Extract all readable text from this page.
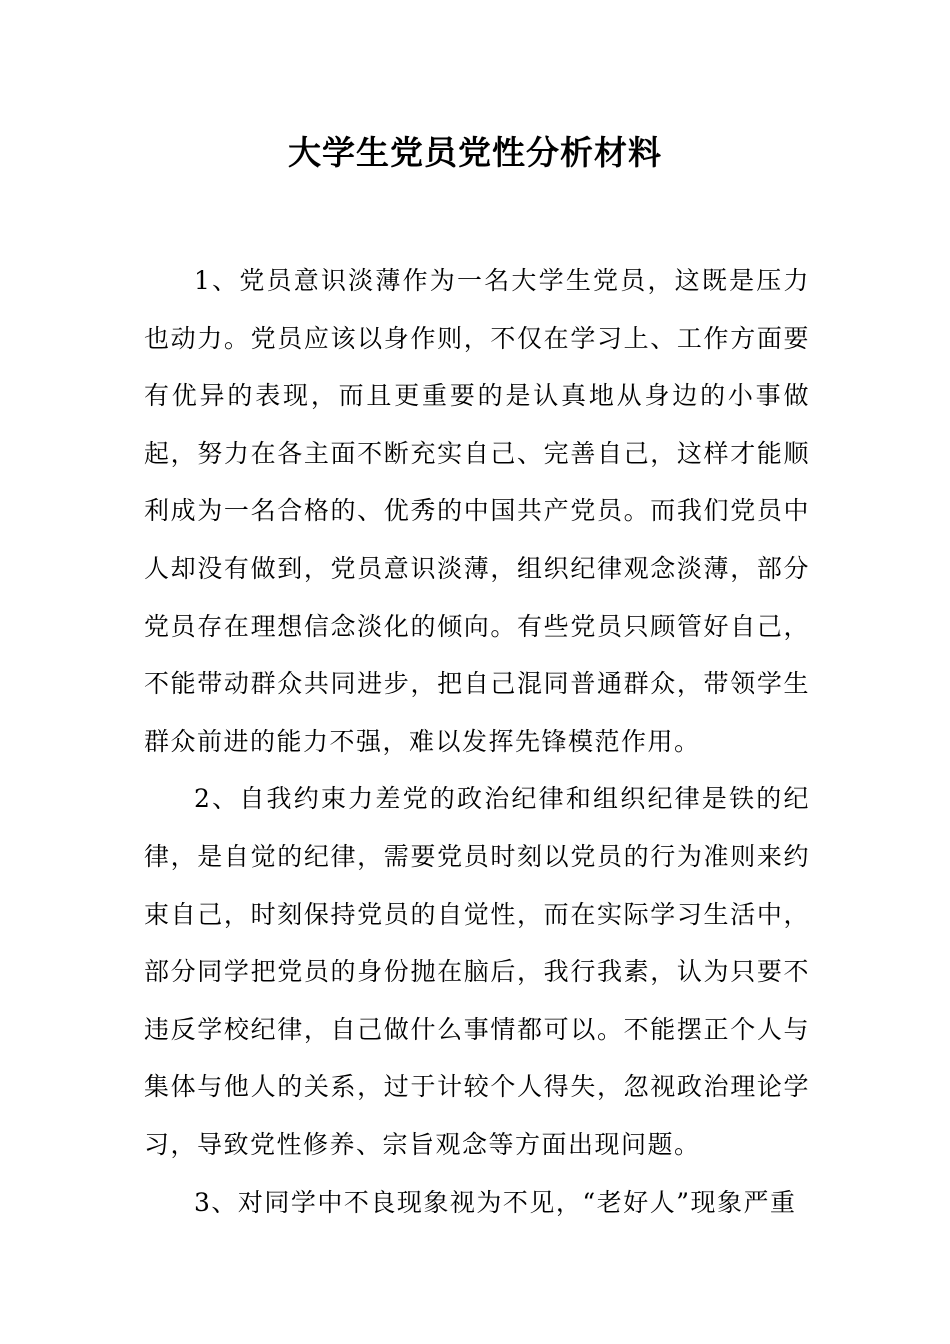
大学生党员党性分析材料

1、党员意识淡薄作为一名大学生党员，这既是压力也动力。党员应该以身作则，不仅在学习上、工作方面要有优异的表现，而且更重要的是认真地从身边的小事做起，努力在各主面不断充实自己、完善自己，这样才能顺利成为一名合格的、优秀的中国共产党员。而我们党员中人却没有做到，党员意识淡薄，组织纪律观念淡薄，部分党员存在理想信念淡化的倾向。有些党员只顾管好自己，不能带动群众共同进步，把自己混同普通群众，带领学生群众前进的能力不强，难以发挥先锋模范作用。

2、自我约束力差党的政治纪律和组织纪律是铁的纪律，是自觉的纪律，需要党员时刻以党员的行为准则来约束自己，时刻保持党员的自觉性，而在实际学习生活中，部分同学把党员的身份抛在脑后，我行我素，认为只要不违反学校纪律，自己做什么事情都可以。不能摆正个人与集体与他人的关系，过于计较个人得失，忽视政治理论学习，导致党性修养、宗旨观念等方面出现问题。

3、对同学中不良现象视为不见，“老好人”现象严重
